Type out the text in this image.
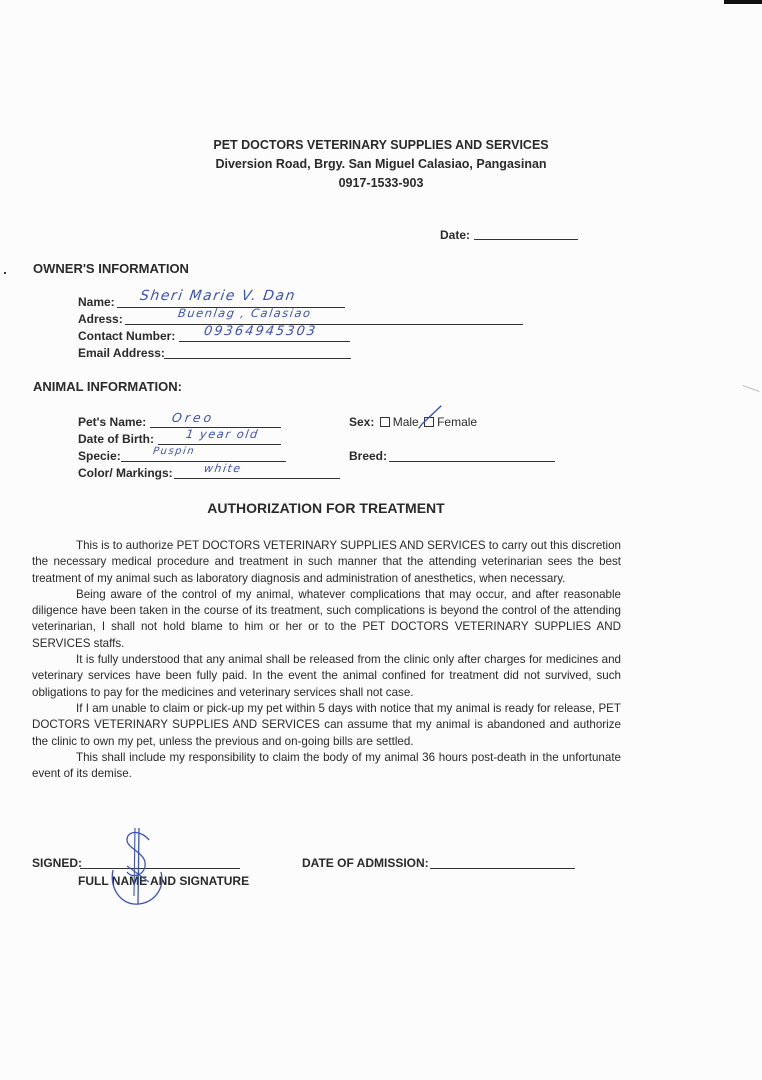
PET DOCTORS VETERINARY SUPPLIES AND SERVICES
Diversion Road, Brgy. San Miguel Calasiao, Pangasinan
0917-1533-903
Date:
OWNER'S INFORMATION
Name: Sheri Marie V. Dan
Adress:	Buenlag , Calasiao
Contact Number: 09364945303
Email Address:
ANIMAL INFORMATION:
Pet's Name: Oreo
Date of Birth:	1 year old
Specie:	Puspin
Color/ Markings:	white
Sex: Male Female
Breed:
AUTHORIZATION FOR TREATMENT

This is to authorize PET DOCTORS VETERINARY SUPPLIES AND SERVICES to carry out this discretion the necessary medical procedure and treatment in such manner that the attending veterinarian sees the best treatment of my animal such as laboratory diagnosis and administration of anesthetics, when necessary.

Being aware of the control of my animal, whatever complications that may occur, and after reasonable diligence have been taken in the course of its treatment, such complications is beyond the control of the attending veterinarian, I shall not hold blame to him or her or to the PET DOCTORS VETERINARY SUPPLIES AND SERVICES staffs.

It is fully understood that any animal shall be released from the clinic only after charges for medicines and veterinary services have been fully paid. In the event the animal confined for treatment did not survived, such obligations to pay for the medicines and veterinary services shall not case.

If I am unable to claim or pick-up my pet within 5 days with notice that my animal is ready for release, PET DOCTORS VETERINARY SUPPLIES AND SERVICES can assume that my animal is abandoned and authorize the clinic to own my pet, unless the previous and on-going bills are settled.

This shall include my responsibility to claim the body of my animal 36 hours post-death in the unfortunate event of its demise.

SIGNED:
FULL NAME AND SIGNATURE
DATE OF ADMISSION:
